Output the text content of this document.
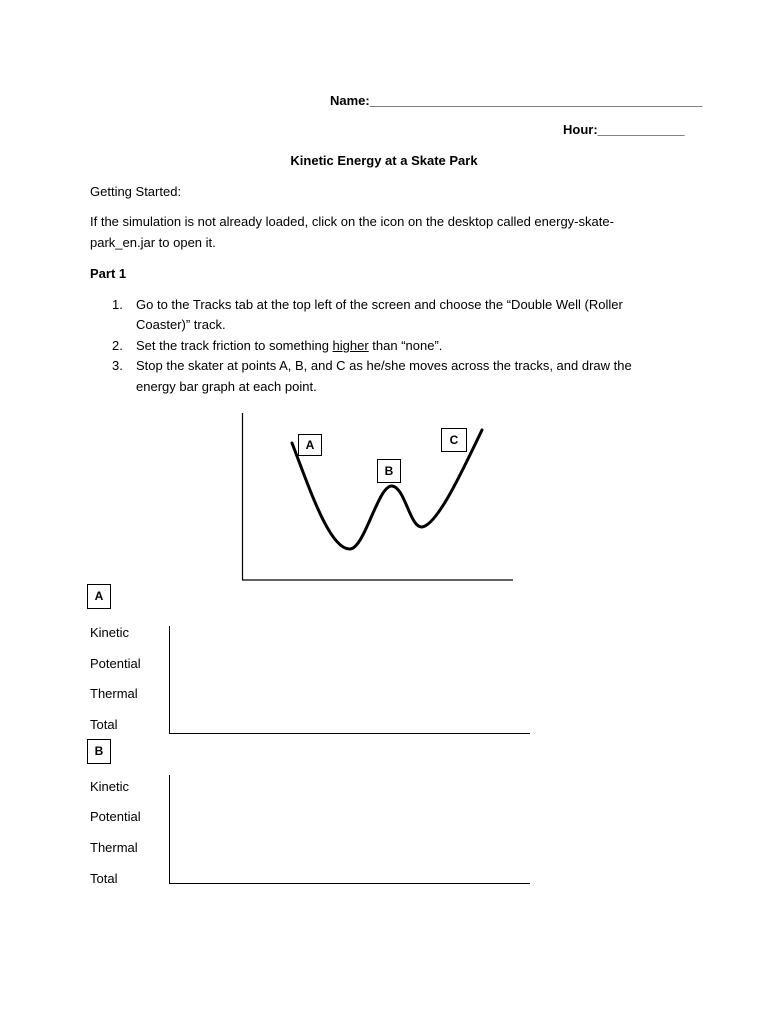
Name:______________________________________________
Hour:____________
Kinetic Energy at a Skate Park
Getting Started:
If the simulation is not already loaded, click on the icon on the desktop called energy-skate-
park_en.jar to open it.
Part 1
1. Go to the Tracks tab at the top left of the screen and choose the “Double Well (Roller
Coaster)” track.
2. Set the track friction to something higher than “none”.
3. Stop the skater at points A, B, and C as he/she moves across the tracks, and draw the
energy bar graph at each point.
A
B
C
A
Kinetic
Potential
Thermal
Total
B
Kinetic
Potential
Thermal
Total
